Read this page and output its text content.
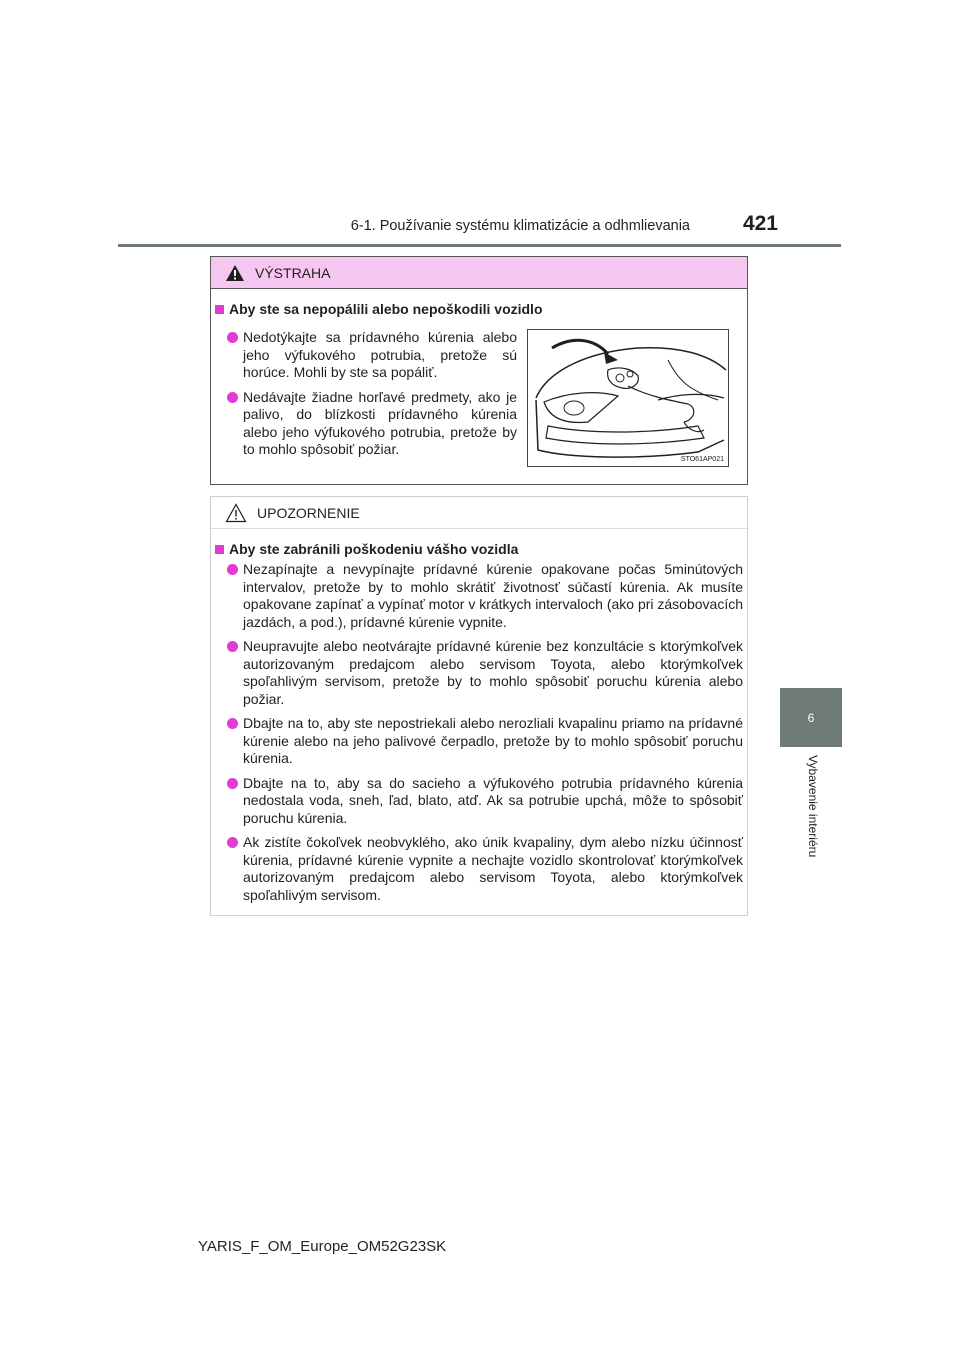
6-1. Používanie systému klimatizácie a odhmlievania	421
6
Vybavenie interiéru
VÝSTRAHA
Aby ste sa nepopálili alebo nepoškodili vozidlo
Nedotýkajte sa prídavného kúrenia alebo jeho výfukového potrubia, pretože sú horúce. Mohli by ste sa popáliť.
Nedávajte žiadne horľavé predmety, ako je palivo, do blízkosti prídavného kúrenia alebo jeho výfukového potrubia, pretože by to mohlo spôsobiť požiar.
STO61AP021
UPOZORNENIE
Aby ste zabránili poškodeniu vášho vozidla
Nezapínajte a nevypínajte prídavné kúrenie opakovane počas 5minútových intervalov, pretože by to mohlo skrátiť životnosť súčastí kúrenia. Ak musíte opakovane zapínať a vypínať motor v krátkych intervaloch (ako pri zásobovacích jazdách, a pod.), prídavné kúrenie vypnite.
Neupravujte alebo neotvárajte prídavné kúrenie bez konzultácie s ktorýmkoľvek autorizovaným predajcom alebo servisom Toyota, alebo ktorýmkoľvek spoľahlivým servisom, pretože by to mohlo spôsobiť poruchu kúrenia alebo požiar.
Dbajte na to, aby ste nepostriekali alebo nerozliali kvapalinu priamo na prídavné kúrenie alebo na jeho palivové čerpadlo, pretože by to mohlo spôsobiť poruchu kúrenia.
Dbajte na to, aby sa do sacieho a výfukového potrubia prídavného kúrenia nedostala voda, sneh, ľad, blato, atď. Ak sa potrubie upchá, môže to spôsobiť poruchu kúrenia.
Ak zistíte čokoľvek neobvyklého, ako únik kvapaliny, dym alebo nízku účinnosť kúrenia, prídavné kúrenie vypnite a nechajte vozidlo skontrolovať ktorýmkoľvek autorizovaným predajcom alebo servisom Toyota, alebo ktorýmkoľvek spoľahlivým servisom.
YARIS_F_OM_Europe_OM52G23SK
